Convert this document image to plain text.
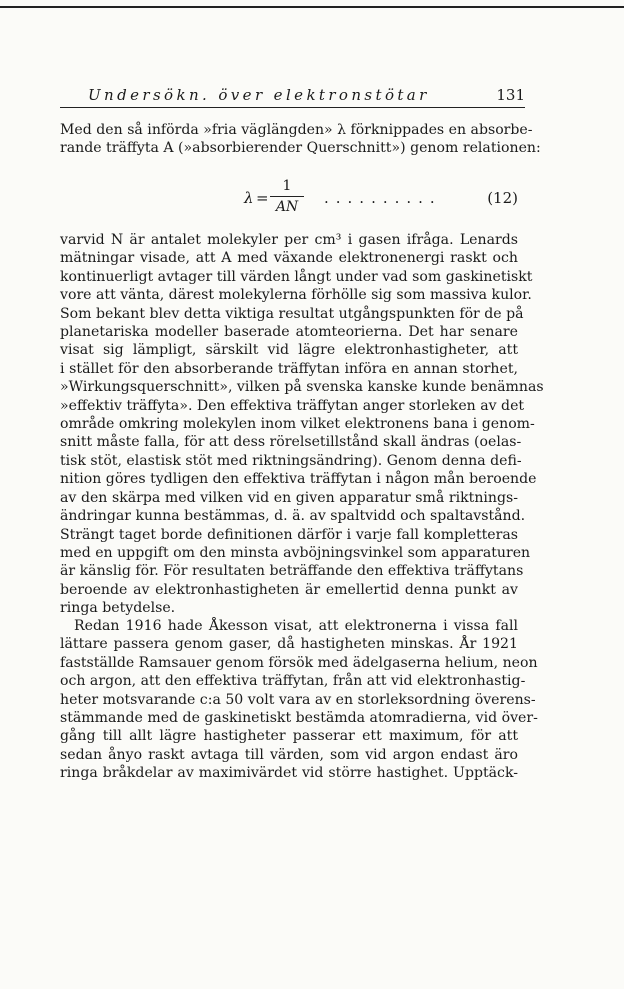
Undersökn. över elektronstötar	131
Med den så införda »fria väglängden» λ förknippades en absorbe-
rande träffyta A (»absorbierender Querschnitt») genom relationen:
λ =
1
AN	..........	(12)
varvid N är antalet molekyler per cm³ i gasen ifråga. Lenards
mätningar visade, att A med växande elektronenergi raskt och
kontinuerligt avtager till värden långt under vad som gaskinetiskt
vore att vänta, därest molekylerna förhölle sig som massiva kulor.
Som bekant blev detta viktiga resultat utgångspunkten för de på
planetariska modeller baserade atomteorierna. Det har senare
visat sig lämpligt, särskilt vid lägre elektronhastigheter, att
i stället för den absorberande träffytan införa en annan storhet,
»Wirkungsquerschnitt», vilken på svenska kanske kunde benämnas
»effektiv träffyta». Den effektiva träffytan anger storleken av det
område omkring molekylen inom vilket elektronens bana i genom-
snitt måste falla, för att dess rörelsetillstånd skall ändras (oelas-
tisk stöt, elastisk stöt med riktningsändring). Genom denna defi-
nition göres tydligen den effektiva träffytan i någon mån beroende
av den skärpa med vilken vid en given apparatur små riktnings-
ändringar kunna bestämmas, d. ä. av spaltvidd och spaltavstånd.
Strängt taget borde definitionen därför i varje fall kompletteras
med en uppgift om den minsta avböjningsvinkel som apparaturen
är känslig för. För resultaten beträffande den effektiva träffytans
beroende av elektronhastigheten är emellertid denna punkt av
ringa betydelse.
Redan 1916 hade Åkesson visat, att elektronerna i vissa fall
lättare passera genom gaser, då hastigheten minskas. År 1921
fastställde Ramsauer genom försök med ädelgaserna helium, neon
och argon, att den effektiva träffytan, från att vid elektronhastig-
heter motsvarande c:a 50 volt vara av en storleksordning överens-
stämmande med de gaskinetiskt bestämda atomradierna, vid över-
gång till allt lägre hastigheter passerar ett maximum, för att
sedan ånyo raskt avtaga till värden, som vid argon endast äro
ringa bråkdelar av maximivärdet vid större hastighet. Upptäck-
